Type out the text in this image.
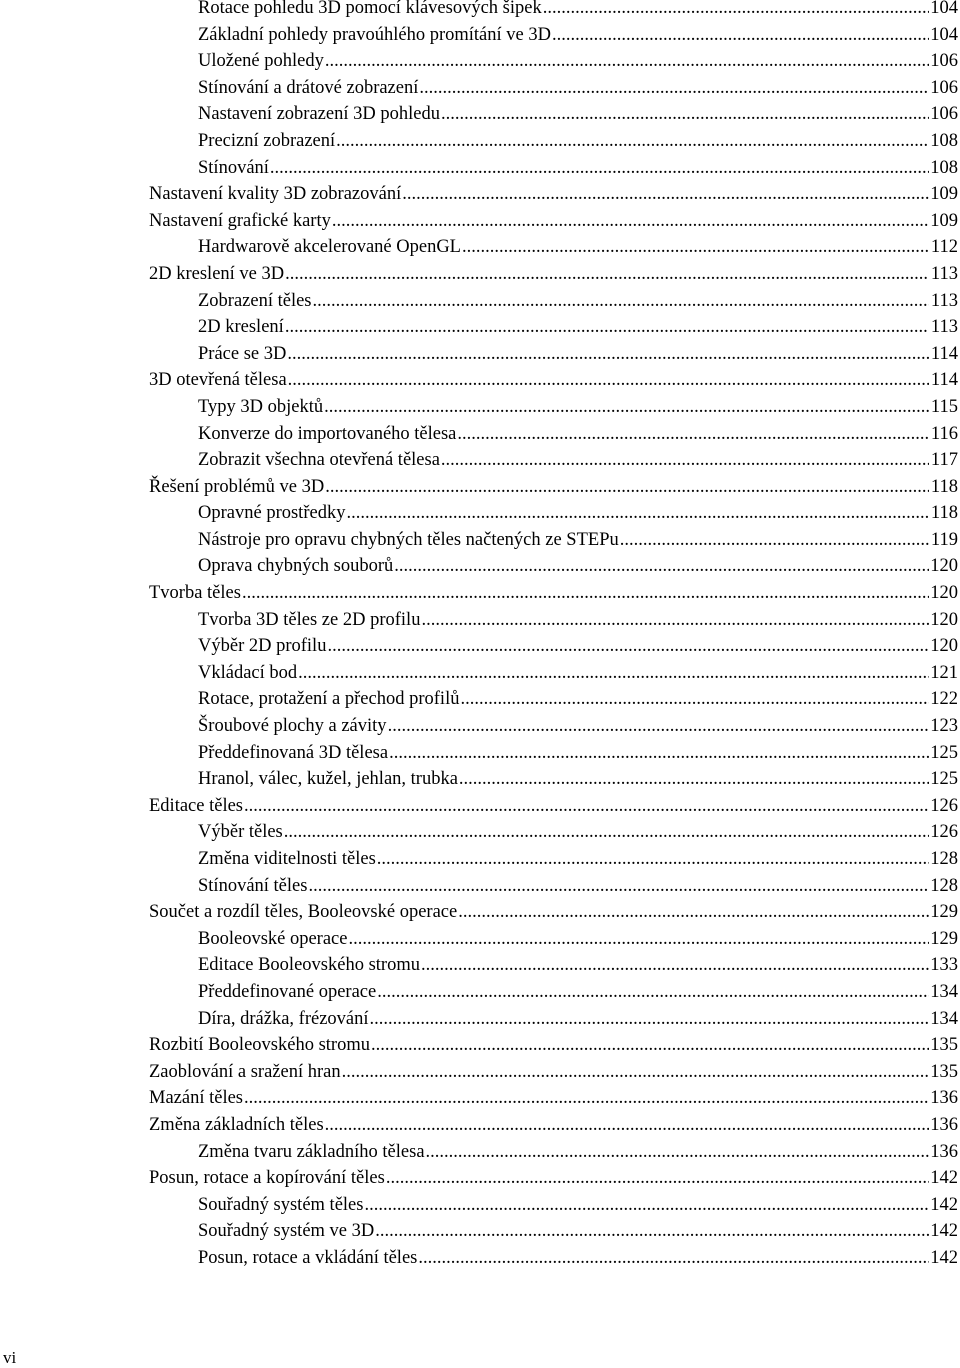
Rotace pohledu 3D pomocí klávesových šipek .....	104
Základní pohledy pravoúhlého promítání ve 3D .....	104
Uložené pohledy .....	106
Stínování a drátové zobrazení .....	106
Nastavení zobrazení 3D pohledu .....	106
Precizní zobrazení .....	108
Stínování .....	108
Nastavení kvality 3D zobrazování .....	109
Nastavení grafické karty .....	109
Hardwarově akcelerované OpenGL .....	112
2D kreslení ve 3D .....	113
Zobrazení těles .....	113
2D kreslení .....	113
Práce se 3D .....	114
3D otevřená tělesa .....	114
Typy 3D objektů .....	115
Konverze do importovaného tělesa .....	116
Zobrazit všechna otevřená tělesa .....	117
Řešení problémů ve 3D .....	118
Opravné prostředky .....	118
Nástroje pro opravu chybných těles načtených ze STEPu .....	119
Oprava chybných souborů .....	120
Tvorba těles .....	120
Tvorba 3D těles ze 2D profilu .....	120
Výběr 2D profilu .....	120
Vkládací bod .....	121
Rotace, protažení a přechod profilů .....	122
Šroubové plochy a závity .....	123
Předdefinovaná 3D tělesa .....	125
Hranol, válec, kužel, jehlan, trubka .....	125
Editace těles .....	126
Výběr těles .....	126
Změna viditelnosti těles .....	128
Stínování těles .....	128
Součet a rozdíl těles, Booleovské operace .....	129
Booleovské operace .....	129
Editace Booleovského stromu .....	133
Předdefinované operace .....	134
Díra, drážka, frézování .....	134
Rozbití Booleovského stromu .....	135
Zaoblování a sražení hran .....	135
Mazání těles .....	136
Změna základních těles .....	136
Změna tvaru základního tělesa .....	136
Posun, rotace a kopírování těles .....	142
Souřadný systém těles .....	142
Souřadný systém ve 3D .....	142
Posun, rotace a vkládání těles .....	142
vi
